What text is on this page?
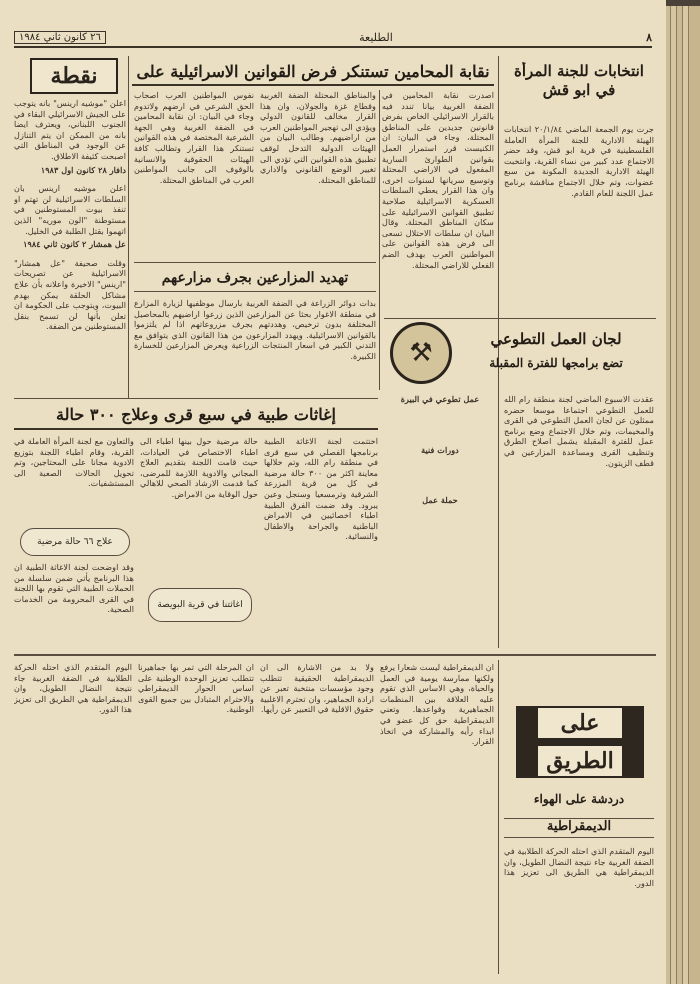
٨
الطليعة
٢٦ كانون ثاني ١٩٨٤
نقطة

اعلن "موشيه ارينس" بانه يتوجب على الجيش الاسرائيلي البقاء في الجنوب اللبناني، ويعترف ايضا بانه من الممكن ان يتم التنازل عن الوجود في المناطق التي اصبحت كثيفة الاطلاق.

دافار ٢٨ كانون اول ١٩٨٣

اعلن موشيه ارينس بان السلطات الاسرائيلية لن تهتم او تنفذ بيوت المستوطنين في مستوطنة "الون موريه" الذين اتهموا بقتل الطلبة في الخليل.

عل همشار ٢ كانون ثاني ١٩٨٤

وقلت صحيفة "عل همشار" الاسرائيلية عن تصريحات "ارينس" الاخيرة واعلانه بأن علاج مشاكل الحلقة يمكن بهدم البيوت، ويتوجب على الحكومة ان تعلن بأنها لن تسمح بنقل المستوطنين من الضفة.

نقابة المحامين تستنكر فرض القوانين الاسرائيلية على
اصدرت نقابة المحامين في الضفة الغربية بيانا تندد فيه بالقرار الاسرائيلي الخاص بفرض قانونين جديدين على المناطق المحتلة، وجاء في البيان: ان الكنيست قرر استمرار العمل بقوانين الطوارئ السارية المفعول في الاراضي المحتلة وتوسيع سريانها لسنوات اخرى، وان هذا القرار يعطي السلطات العسكرية الاسرائيلية صلاحية تطبيق القوانين الاسرائيلية على سكان المناطق المحتلة. وقال البيان ان سلطات الاحتلال تسعى الى فرض هذه القوانين على المواطنين العرب بهدف الضم الفعلي للاراضي المحتلة.
والمناطق المحتلة الضفة الغربية وقطاع غزة والجولان، وان هذا القرار مخالف للقانون الدولي ويؤدي الى تهجير المواطنين العرب من اراضيهم. وطالب البيان من الهيئات الدولية التدخل لوقف تطبيق هذه القوانين التي تؤدي الى تغيير الوضع القانوني والاداري للمناطق المحتلة.
نفوس المواطنين العرب اصحاب الحق الشرعي في ارضهم ولاتدوم وجاء في البيان: ان نقابة المحامين في الضفة الغربية وهي الجهة الشرعية المختصة في هذه القوانين تستنكر هذا القرار وتطالب كافة الهيئات الحقوقية والانسانية بالوقوف الى جانب المواطنين العرب في المناطق المحتلة.
تهديد المزارعين بجرف مزارعهم
بدات دوائر الزراعة في الضفة الغربية بارسال موظفيها لزيارة المزارع في منطقة الاغوار بحثا عن المزارعين الذين زرعوا اراضيهم بالمحاصيل المختلفة بدون ترخيص، وهددتهم بجرف مزروعاتهم اذا لم يلتزموا بالقوانين الاسرائيلية. ويهدد المزارعون من هذا القانون الذي يتوافق مع التدني الكبير في اسعار المنتجات الزراعية ويعرض المزارعين للخسارة الكبيرة.
انتخابات للجنة المرأة في ابو قش
جرت يوم الجمعة الماضي ٢٠/١/٨٤ انتخابات الهيئة الادارية للجنة المرأة العاملة الفلسطينية في قرية ابو قش، وقد حضر الاجتماع عدد كبير من نساء القرية، وانتخبت الهيئة الادارية الجديدة المكونة من سبع عضوات، وتم خلال الاجتماع مناقشة برنامج عمل اللجنة للعام القادم.
⚒	لجان العمل التطوعي
تضع برامجها للفترة المقبلة
عقدت الاسبوع الماضي لجنة منطقة رام الله للعمل التطوعي اجتماعا موسعا حضره ممثلون عن لجان العمل التطوعي في القرى والمخيمات، وتم خلال الاجتماع وضع برنامج عمل للفترة المقبلة يشمل اصلاح الطرق وتنظيف القرى ومساعدة المزارعين في قطف الزيتون.

عمل تطوعي في البيرة

دورات فنية

حملة عمل

إغاثات طبية في سبع قرى وعلاج ٣٠٠ حالة
اختتمت لجنة الاغاثة الطبية برنامجها الفصلي في سبع قرى في منطقة رام الله، وتم خلالها معاينة اكثر من ٣٠٠ حالة مرضية في كل من قرية المزرعة الشرقية وترمسعيا وسنجل وعين يبرود. وقد ضمت الفرق الطبية اطباء اخصائيين في الامراض الباطنية والجراحة والاطفال والنسائية.
حالة مرضية حول بينها اطباء الى اطباء الاختصاص في العيادات، حيث قامت اللجنة بتقديم العلاج المجاني والادوية اللازمة للمرضى، كما قدمت الارشاد الصحي للاهالي حول الوقاية من الامراض.
والتعاون مع لجنة المرأة العاملة في القرية، وقام اطباء اللجنة بتوزيع الادوية مجانا على المحتاجين، وتم تحويل الحالات الصعبة الى المستشفيات.
علاج ٦٦ حالة مرضية
اغاثتنا في قرية البويصة
وقد اوضحت لجنة الاغاثة الطبية ان هذا البرنامج يأتي ضمن سلسلة من الحملات الطبية التي تقوم بها اللجنة في القرى المحرومة من الخدمات الصحية.
على
الطريق
دردشة على الهواء
الديمقراطية
اليوم المتقدم الذي احتله الحركة الطلابية في الضفة الغربية جاء نتيجة النضال الطويل، وان الديمقراطية هي الطريق الى تعزيز هذا الدور.
ان الديمقراطية ليست شعارا يرفع ولكنها ممارسة يومية في العمل والحياة، وهي الاساس الذي تقوم عليه العلاقة بين المنظمات الجماهيرية وقواعدها. وتعني الديمقراطية حق كل عضو في ابداء رأيه والمشاركة في اتخاذ القرار.
ولا بد من الاشارة الى ان الديمقراطية الحقيقية تتطلب وجود مؤسسات منتخبة تعبر عن ارادة الجماهير، وان تحترم الاغلبية حقوق الاقلية في التعبير عن رأيها.
ان المرحلة التي تمر بها جماهيرنا تتطلب تعزيز الوحدة الوطنية على اساس الحوار الديمقراطي والاحترام المتبادل بين جميع القوى الوطنية.
اليوم المتقدم الذي احتله الحركة الطلابية في الضفة الغربية جاء نتيجة النضال الطويل، وان الديمقراطية هي الطريق الى تعزيز هذا الدور.
